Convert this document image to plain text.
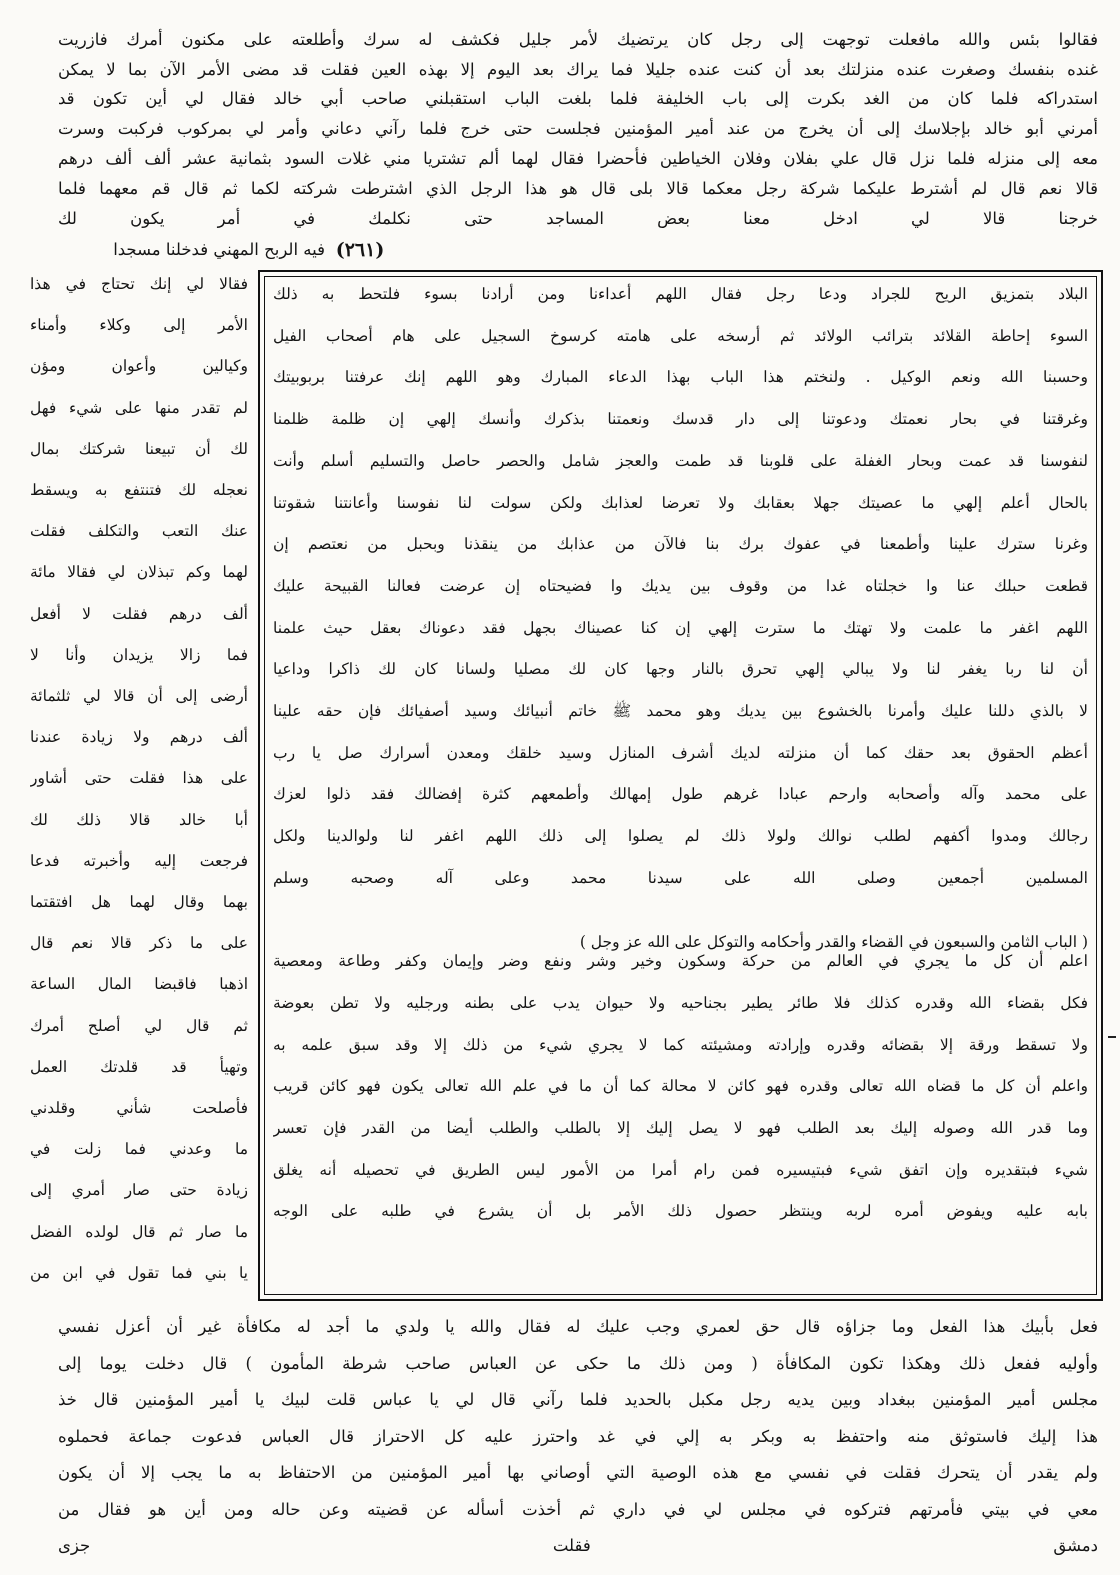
فقالوا بئس والله مافعلت توجهت إلى رجل كان يرتضيك لأمر جليل فكشف له سرك وأطلعته على مكنون أمرك فازريت
غنده بنفسك وصغرت عنده منزلتك بعد أن كنت عنده جليلا فما يراك بعد اليوم إلا بهذه العين فقلت قد مضى الأمر الآن بما لا يمكن
استدراكه فلما كان من الغد بكرت إلى باب الخليفة فلما بلغت الباب استقبلني صاحب أبي خالد فقال لي أين تكون قد
أمرني أبو خالد بإجلاسك إلى أن يخرج من عند أمير المؤمنين فجلست حتى خرج فلما رآني دعاني وأمر لي بمركوب فركبت وسرت
معه إلى منزله فلما نزل قال علي بفلان وفلان الخياطين فأحضرا فقال لهما ألم تشتريا مني غلات السود بثمانية عشر ألف ألف درهم
قالا نعم قال لم أشترط عليكما شركة رجل معكما قالا بلى قال هو هذا الرجل الذي اشترطت شركته لكما ثم قال قم معهما فلما
خرجنا قالا لي ادخل معنا بعض المساجد حتى نكلمك في أمر يكون لك
فيه الربح المهني فدخلنا مسجدا (٢٦١)
فقالا لي إنك تحتاج في هذا
الأمر إلى وكلاء وأمناء
وكيالين وأعوان ومؤن
لم تقدر منها على شيء فهل
لك أن تبيعنا شركتك بمال
نعجله لك فتنتفع به ويسقط
عنك التعب والتكلف فقلت
لهما وكم تبذلان لي فقالا مائة
ألف درهم فقلت لا أفعل
فما زالا يزيدان وأنا لا
أرضى إلى أن قالا لي ثلثمائة
ألف درهم ولا زيادة عندنا
على هذا فقلت حتى أشاور
أبا خالد قالا ذلك لك
فرجعت إليه وأخبرته فدعا
بهما وقال لهما هل افتقتما
على ما ذكر قالا نعم قال
اذهبا فاقبضا المال الساعة
ثم قال لي أصلح أمرك
وتهيأ قد قلدتك العمل
فأصلحت شأني وقلدني
ما وعدني فما زلت في
زيادة حتى صار أمري إلى
ما صار ثم قال لولده الفضل
يا بني فما تقول في ابن من
البلاد بتمزيق الريح للجراد ودعا رجل فقال اللهم أعداءنا ومن أرادنا بسوء فلتحط به ذلك
السوء إحاطة القلائد بترائب الولائد ثم أرسخه على هامته كرسوخ السجيل على هام أصحاب الفيل
وحسبنا الله ونعم الوكيل . ولنختم هذا الباب بهذا الدعاء المبارك وهو اللهم إنك عرفتنا بربوبيتك
وغرقتنا في بحار نعمتك ودعوتنا إلى دار قدسك ونعمتنا بذكرك وأنسك إلهي إن ظلمة ظلمنا
لنفوسنا قد عمت وبحار الغفلة على قلوبنا قد طمت والعجز شامل والحصر حاصل والتسليم أسلم وأنت
بالحال أعلم إلهي ما عصيتك جهلا بعقابك ولا تعرضا لعذابك ولكن سولت لنا نفوسنا وأعانتنا شقوتنا
وغرنا سترك علينا وأطمعنا في عفوك برك بنا فالآن من عذابك من ينقذنا وبحبل من نعتصم إن
قطعت حبلك عنا وا خجلتاه غدا من وقوف بين يديك وا فضيحتاه إن عرضت فعالنا القبيحة عليك
اللهم اغفر ما علمت ولا تهتك ما سترت إلهي إن كنا عصيناك بجهل فقد دعوناك بعقل حيث علمنا
أن لنا ربا يغفر لنا ولا يبالي إلهي تحرق بالنار وجها كان لك مصليا ولسانا كان لك ذاكرا وداعيا
لا بالذي دللنا عليك وأمرنا بالخشوع بين يديك وهو محمد ﷺ خاتم أنبيائك وسيد أصفيائك فإن حقه علينا
أعظم الحقوق بعد حقك كما أن منزلته لديك أشرف المنازل وسيد خلقك ومعدن أسرارك صل يا رب
على محمد وآله وأصحابه وارحم عبادا غرهم طول إمهالك وأطمعهم كثرة إفضالك فقد ذلوا لعزك
رجالك ومدوا أكفهم لطلب نوالك ولولا ذلك لم يصلوا إلى ذلك اللهم اغفر لنا ولوالدينا ولكل
المسلمين أجمعين وصلى الله على سيدنا محمد وعلى آله وصحبه وسلم
اعلم أن كل ما يجري في العالم من حركة وسكون وخير وشر ونفع وضر وإيمان وكفر وطاعة ومعصية
فكل بقضاء الله وقدره كذلك فلا طائر يطير بجناحيه ولا حيوان يدب على بطنه ورجليه ولا تطن بعوضة
ولا تسقط ورقة إلا بقضائه وقدره وإرادته ومشيئته كما لا يجري شيء من ذلك إلا وقد سبق علمه به
واعلم أن كل ما قضاه الله تعالى وقدره فهو كائن لا محالة كما أن ما في علم الله تعالى يكون فهو كائن قريب
وما قدر الله وصوله إليك بعد الطلب فهو لا يصل إليك إلا بالطلب والطلب أيضا من القدر فإن تعسر
شيء فبتقديره وإن اتفق شيء فبتيسيره فمن رام أمرا من الأمور ليس الطريق في تحصيله أنه يغلق
بابه عليه ويفوض أمره لربه وينتظر حصول ذلك الأمر بل أن يشرع في طلبه على الوجه
( الباب الثامن والسبعون في القضاء والقدر وأحكامه والتوكل على الله عز وجل )
فعل بأبيك هذا الفعل وما جزاؤه قال حق لعمري وجب عليك له فقال والله يا ولدي ما أجد له مكافأة غير أن أعزل نفسي
وأوليه ففعل ذلك وهكذا تكون المكافأة ( ومن ذلك ما حكى عن العباس صاحب شرطة المأمون ) قال دخلت يوما إلى
مجلس أمير المؤمنين ببغداد وبين يديه رجل مكبل بالحديد فلما رآني قال لي يا عباس قلت لبيك يا أمير المؤمنين قال خذ
هذا إليك فاستوثق منه واحتفظ به وبكر به إلي في غد واحترز عليه كل الاحتراز قال العباس فدعوت جماعة فحملوه
ولم يقدر أن يتحرك فقلت في نفسي مع هذه الوصية التي أوصاني بها أمير المؤمنين من الاحتفاظ به ما يجب إلا أن يكون
معي في بيتي فأمرتهم فتركوه في مجلس لي في داري ثم أخذت أسأله عن قضيته وعن حاله ومن أين هو فقال من
دمشق فقلت جزى
